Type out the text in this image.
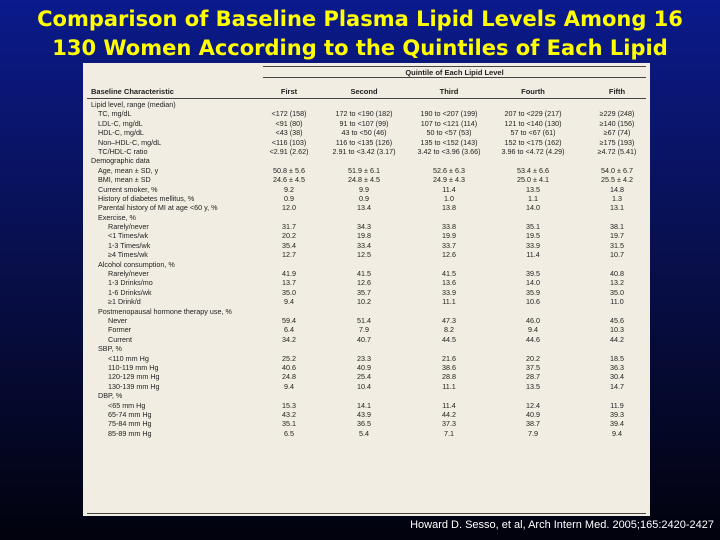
Comparison of Baseline Plasma Lipid Levels Among 16
130 Women According to the Quintiles of Each Lipid
Quintile of Each Lipid Level
Baseline Characteristic	First	Second	Third	Fourth	Fifth
Lipid level, range (median)
TC, mg/dL	<172 (158)	172 to <190 (182)	190 to <207 (199)	207 to <229 (217)	≥229 (248)
LDL-C, mg/dL	<91 (80)	91 to <107 (99)	107 to <121 (114)	121 to <140 (130)	≥140 (156)
HDL-C, mg/dL	<43 (38)	43 to <50 (46)	50 to <57 (53)	57 to <67 (61)	≥67 (74)
Non–HDL-C, mg/dL	<116 (103)	116 to <135 (126)	135 to <152 (143)	152 to <175 (162)	≥175 (193)
TC/HDL-C ratio	<2.91 (2.62)	2.91 to <3.42 (3.17)	3.42 to <3.96 (3.66)	3.96 to <4.72 (4.29)	≥4.72 (5.41)
Demographic data
Age, mean ± SD, y	50.8 ± 5.6	51.9 ± 6.1	52.6 ± 6.3	53.4 ± 6.6	54.0 ± 6.7
BMI, mean ± SD	24.6 ± 4.5	24.8 ± 4.5	24.9 ± 4.3	25.0 ± 4.1	25.5 ± 4.2
Current smoker, %	9.2	9.9	11.4	13.5	14.8
History of diabetes mellitus, %	0.9	0.9	1.0	1.1	1.3
Parental history of MI at age <60 y, %	12.0	13.4	13.8	14.0	13.1
Exercise, %
Rarely/never	31.7	34.3	33.8	35.1	38.1
<1 Times/wk	20.2	19.8	19.9	19.5	19.7
1-3 Times/wk	35.4	33.4	33.7	33.9	31.5
≥4 Times/wk	12.7	12.5	12.6	11.4	10.7
Alcohol consumption, %
Rarely/never	41.9	41.5	41.5	39.5	40.8
1-3 Drinks/mo	13.7	12.6	13.6	14.0	13.2
1-6 Drinks/wk	35.0	35.7	33.9	35.9	35.0
≥1 Drink/d	9.4	10.2	11.1	10.6	11.0
Postmenopausal hormone therapy use, %
Never	59.4	51.4	47.3	46.0	45.6
Former	6.4	7.9	8.2	9.4	10.3
Current	34.2	40.7	44.5	44.6	44.2
SBP, %
<110 mm Hg	25.2	23.3	21.6	20.2	18.5
110-119 mm Hg	40.6	40.9	38.6	37.5	36.3
120-129 mm Hg	24.8	25.4	28.8	28.7	30.4
130-139 mm Hg	9.4	10.4	11.1	13.5	14.7
DBP, %
<65 mm Hg	15.3	14.1	11.4	12.4	11.9
65-74 mm Hg	43.2	43.9	44.2	40.9	39.3
75-84 mm Hg	35.1	36.5	37.3	38.7	39.4
85-89 mm Hg	6.5	5.4	7.1	7.9	9.4
Howard D. Sesso, et al, Arch Intern Med. 2005;165:2420-2427
